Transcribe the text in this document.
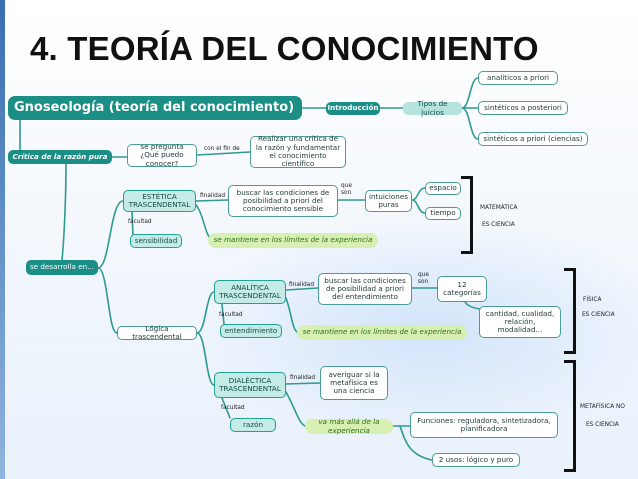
4. TEORÍA DEL CONOCIMIENTO
Gnoseología (teoría del conocimiento)	Introducción	Tipos de juicios
analíticos a priori
sintéticos a posteriori
sintéticos a priori (ciencias)
Crítica de la razón pura
se pregunta ¿Qué puedo conocer?
con el fin de
Realizar una crítica de la razón y fundamentar el conocimiento científico
ESTÉTICA TRASCENDENTAL
finalidad	buscar las condiciones de posibilidad a priori del conocimiento sensible
que son	intuiciones puras
espacio
tiempo
facultad
sensibilidad	se mantiene en los límites de la experiencia
MATEMÁTICA
ES CIENCIA
se desarrolla en...
ANALÍTICA TRASCENDENTAL
finalidad
buscar las condiciones de posibilidad a priori del entendimiento
que son	12 categorías
cantidad, cualidad, relación, modalidad...
facultad
entendimiento	se mantiene en los límites de la experiencia
Lógica trascendental
FÍSICA
ES CIENCIA
DIALÉCTICA TRASCENDENTAL
finalidad	averiguar si la metafísica es una ciencia
facultad
razón	va más allá de la experiencia
Funciones: reguladora, sintetizadora, planificadora
2 usos: lógico y puro
METAFÍSICA NO
ES CIENCIA
